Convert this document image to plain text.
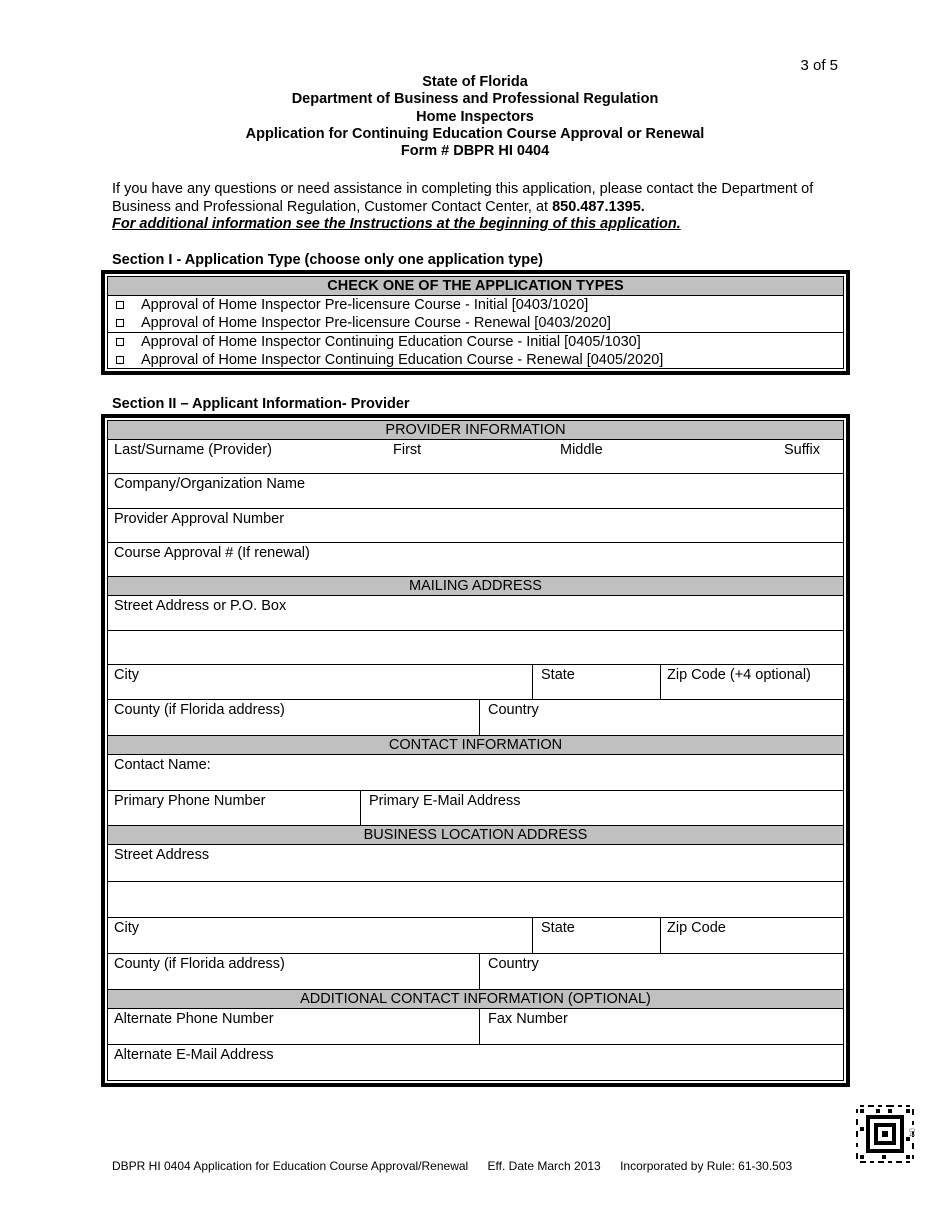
3 of 5
State of Florida
Department of Business and Professional Regulation
Home Inspectors
Application for Continuing Education Course Approval or Renewal
Form # DBPR HI 0404
If you have any questions or need assistance in completing this application, please contact the Department of Business and Professional Regulation, Customer Contact Center, at 850.487.1395.
For additional information see the Instructions at the beginning of this application.
Section I - Application Type (choose only one application type)
CHECK ONE OF THE APPLICATION TYPES
Approval of Home Inspector Pre-licensure Course - Initial [0403/1020]
Approval of Home Inspector Pre-licensure Course - Renewal [0403/2020]
Approval of Home Inspector Continuing Education Course - Initial [0405/1030]
Approval of Home Inspector Continuing Education Course - Renewal [0405/2020]
Section II – Applicant Information- Provider
PROVIDER INFORMATION
Last/Surname (Provider)	First	Middle	Suffix
Company/Organization Name
Provider Approval Number
Course Approval # (If renewal)
MAILING ADDRESS
Street Address or P.O. Box
City	State	Zip Code (+4 optional)
County (if Florida address)	Country
CONTACT INFORMATION
Contact Name:
Primary Phone Number	Primary E-Mail Address
BUSINESS LOCATION ADDRESS
Street Address
City	State	Zip Code
County (if Florida address)	Country
ADDITIONAL CONTACT INFORMATION (OPTIONAL)
Alternate Phone Number	Fax Number
Alternate E-Mail Address
DBPR HI 0404 Application for Education Course Approval/Renewal Eff. Date March 2013 Incorporated by Rule: 61-30.503
04
